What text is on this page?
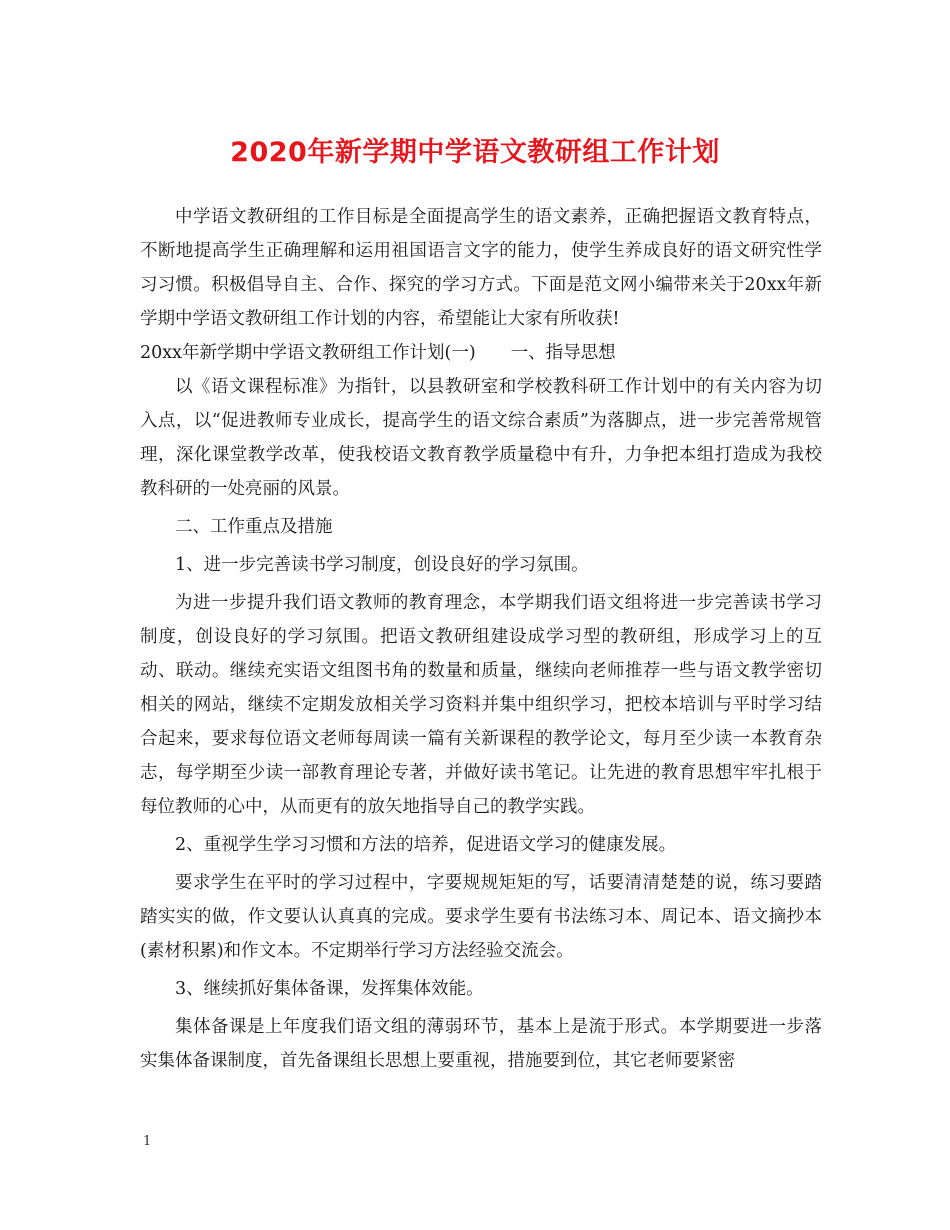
2020年新学期中学语文教研组工作计划

中学语文教研组的工作目标是全面提高学生的语文素养，正确把握语文教育特点，不断地提高学生正确理解和运用祖国语言文字的能力，使学生养成良好的语文研究性学习习惯。积极倡导自主、合作、探究的学习方式。下面是范文网小编带来关于20xx年新学期中学语文教研组工作计划的内容，希望能让大家有所收获!

20xx年新学期中学语文教研组工作计划(一)　　一、指导思想

以《语文课程标准》为指针，以县教研室和学校教科研工作计划中的有关内容为切入点，以“促进教师专业成长，提高学生的语文综合素质”为落脚点，进一步完善常规管理，深化课堂教学改革，使我校语文教育教学质量稳中有升，力争把本组打造成为我校教科研的一处亮丽的风景。

二、工作重点及措施

1、进一步完善读书学习制度，创设良好的学习氛围。

为进一步提升我们语文教师的教育理念，本学期我们语文组将进一步完善读书学习制度，创设良好的学习氛围。把语文教研组建设成学习型的教研组，形成学习上的互动、联动。继续充实语文组图书角的数量和质量，继续向老师推荐一些与语文教学密切相关的网站，继续不定期发放相关学习资料并集中组织学习，把校本培训与平时学习结合起来，要求每位语文老师每周读一篇有关新课程的教学论文，每月至少读一本教育杂志，每学期至少读一部教育理论专著，并做好读书笔记。让先进的教育思想牢牢扎根于每位教师的心中，从而更有的放矢地指导自己的教学实践。

2、重视学生学习习惯和方法的培养，促进语文学习的健康发展。

要求学生在平时的学习过程中，字要规规矩矩的写，话要清清楚楚的说，练习要踏踏实实的做，作文要认认真真的完成。要求学生要有书法练习本、周记本、语文摘抄本(素材积累)和作文本。不定期举行学习方法经验交流会。

3、继续抓好集体备课，发挥集体效能。

集体备课是上年度我们语文组的薄弱环节，基本上是流于形式。本学期要进一步落实集体备课制度，首先备课组长思想上要重视，措施要到位，其它老师要紧密

1
